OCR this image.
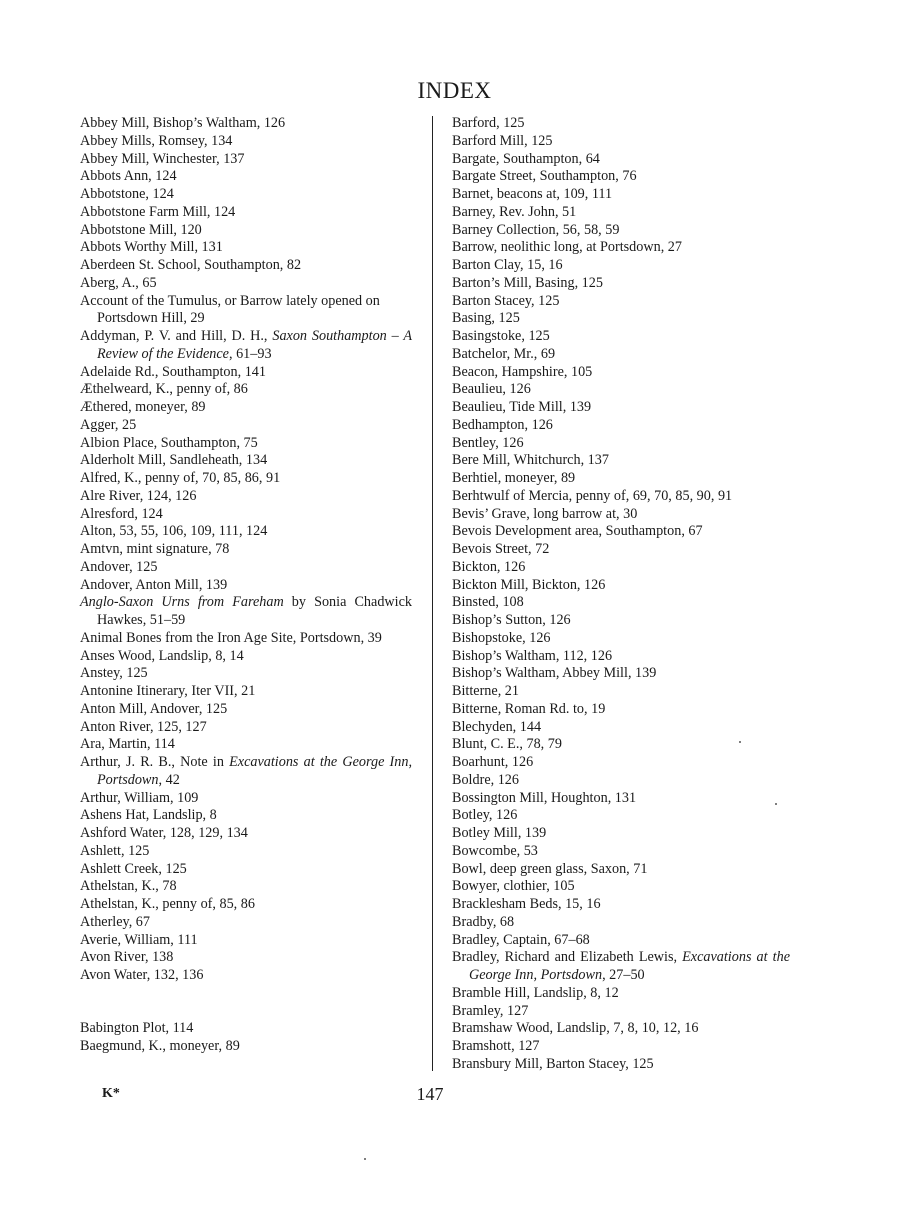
INDEX
Abbey Mill, Bishop’s Waltham, 126
Abbey Mills, Romsey, 134
Abbey Mill, Winchester, 137
Abbots Ann, 124
Abbotstone, 124
Abbotstone Farm Mill, 124
Abbotstone Mill, 120
Abbots Worthy Mill, 131
Aberdeen St. School, Southampton, 82
Aberg, A., 65
Account of the Tumulus, or Barrow lately opened on Portsdown Hill, 29
Addyman, P. V. and Hill, D. H., Saxon Southampton – A Review of the Evidence, 61–93
Adelaide Rd., Southampton, 141
Æthelweard, K., penny of, 86
Æthered, moneyer, 89
Agger, 25
Albion Place, Southampton, 75
Alderholt Mill, Sandleheath, 134
Alfred, K., penny of, 70, 85, 86, 91
Alre River, 124, 126
Alresford, 124
Alton, 53, 55, 106, 109, 111, 124
Amtvn, mint signature, 78
Andover, 125
Andover, Anton Mill, 139
Anglo-Saxon Urns from Fareham by Sonia Chadwick Hawkes, 51–59
Animal Bones from the Iron Age Site, Portsdown, 39
Anses Wood, Landslip, 8, 14
Anstey, 125
Antonine Itinerary, Iter VII, 21
Anton Mill, Andover, 125
Anton River, 125, 127
Ara, Martin, 114
Arthur, J. R. B., Note in Excavations at the George Inn, Portsdown, 42
Arthur, William, 109
Ashens Hat, Landslip, 8
Ashford Water, 128, 129, 134
Ashlett, 125
Ashlett Creek, 125
Athelstan, K., 78
Athelstan, K., penny of, 85, 86
Atherley, 67
Averie, William, 111
Avon River, 138
Avon Water, 132, 136
Babington Plot, 114
Baegmund, K., moneyer, 89
Barford, 125
Barford Mill, 125
Bargate, Southampton, 64
Bargate Street, Southampton, 76
Barnet, beacons at, 109, 111
Barney, Rev. John, 51
Barney Collection, 56, 58, 59
Barrow, neolithic long, at Portsdown, 27
Barton Clay, 15, 16
Barton’s Mill, Basing, 125
Barton Stacey, 125
Basing, 125
Basingstoke, 125
Batchelor, Mr., 69
Beacon, Hampshire, 105
Beaulieu, 126
Beaulieu, Tide Mill, 139
Bedhampton, 126
Bentley, 126
Bere Mill, Whitchurch, 137
Berhtiel, moneyer, 89
Berhtwulf of Mercia, penny of, 69, 70, 85, 90, 91
Bevis’ Grave, long barrow at, 30
Bevois Development area, Southampton, 67
Bevois Street, 72
Bickton, 126
Bickton Mill, Bickton, 126
Binsted, 108
Bishop’s Sutton, 126
Bishopstoke, 126
Bishop’s Waltham, 112, 126
Bishop’s Waltham, Abbey Mill, 139
Bitterne, 21
Bitterne, Roman Rd. to, 19
Blechyden, 144
Blunt, C. E., 78, 79
Boarhunt, 126
Boldre, 126
Bossington Mill, Houghton, 131
Botley, 126
Botley Mill, 139
Bowcombe, 53
Bowl, deep green glass, Saxon, 71
Bowyer, clothier, 105
Bracklesham Beds, 15, 16
Bradby, 68
Bradley, Captain, 67–68
Bradley, Richard and Elizabeth Lewis, Excavations at the George Inn, Portsdown, 27–50
Bramble Hill, Landslip, 8, 12
Bramley, 127
Bramshaw Wood, Landslip, 7, 8, 10, 12, 16
Bramshott, 127
Bransbury Mill, Barton Stacey, 125
K*	147
